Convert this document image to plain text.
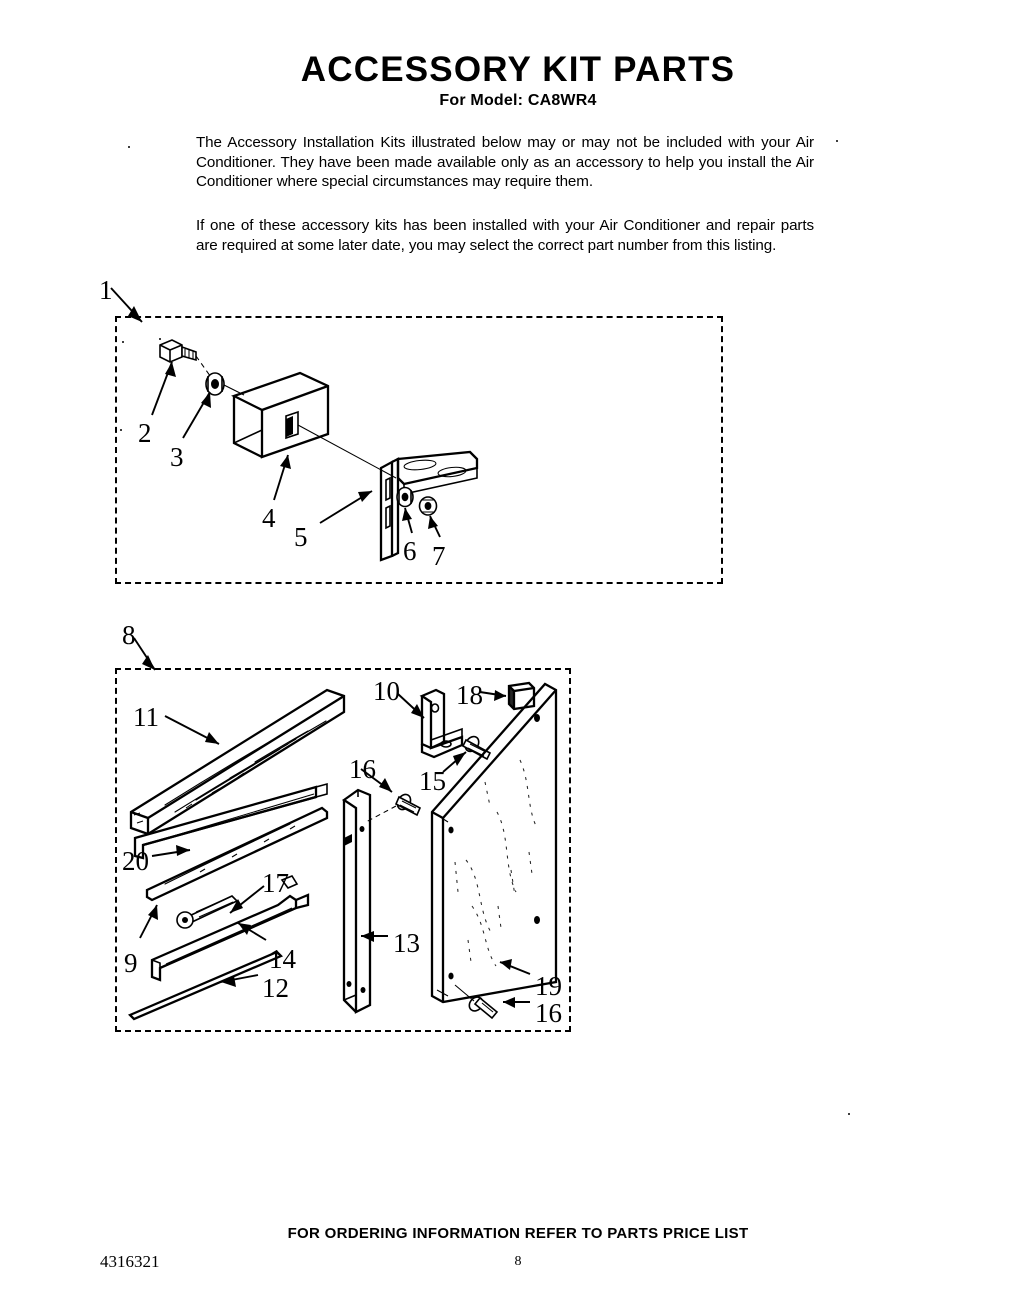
ACCESSORY KIT PARTS
For Model: CA8WR4
The Accessory Installation Kits illustrated below may or may not be included with your Air Conditioner. They have been made available only as an accessory to help you install the Air Conditioner where special circumstances may require them.
If one of these accessory kits has been installed with your Air Conditioner and repair parts are required at some later date, you may select the correct part number from this listing.
1
2
3
4
5	6 7
8
11
10 18
16 15
20
17
9
13
14
12	19
16
FOR ORDERING INFORMATION REFER TO PARTS PRICE LIST
4316321	8
